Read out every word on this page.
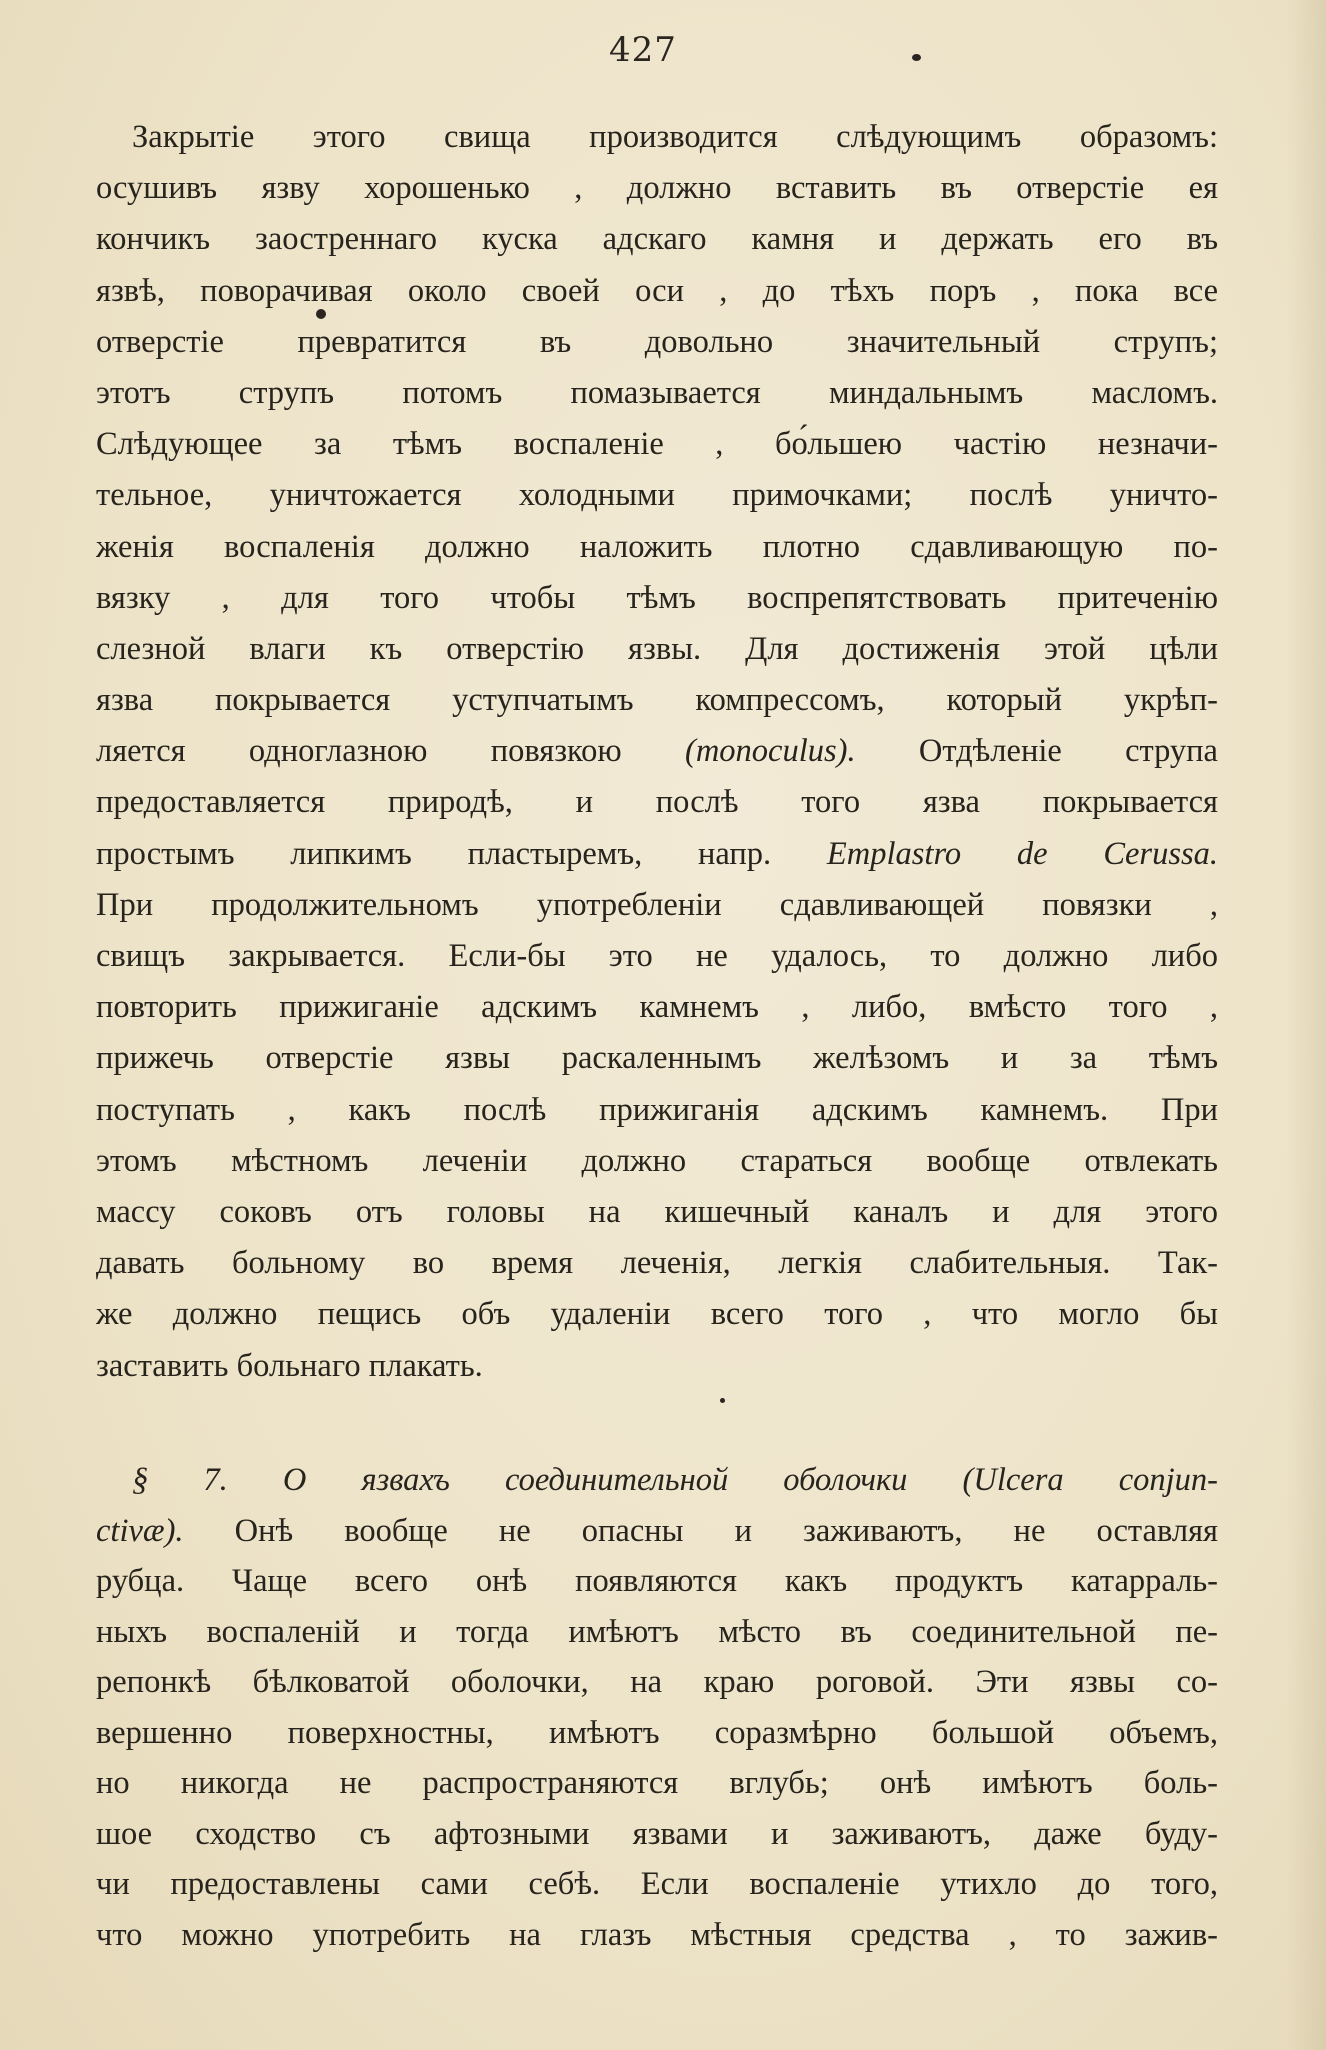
427
Закрытіе этого свища производится слѣдующимъ образомъ:
осушивъ язву хорошенько , должно вставить въ отверстіе ея
кончикъ заостреннаго куска адскаго камня и держать его въ
язвѣ, поворачивая около своей оси , до тѣхъ поръ , пока все
отверстіе превратится въ довольно значительный струпъ;
этотъ струпъ потомъ помазывается миндальнымъ масломъ.
Слѣдующее за тѣмъ воспаленіе , бо́льшею частію незначи-
тельное, уничтожается холодными примочками; послѣ уничто-
женія воспаленія должно наложить плотно сдавливающую по-
вязку , для того чтобы тѣмъ воспрепятствовать притеченію
слезной влаги къ отверстію язвы. Для достиженія этой цѣли
язва покрывается уступчатымъ компрессомъ, который укрѣп-
ляется одноглазною повязкою (monoculus). Отдѣленіе струпа
предоставляется природѣ, и послѣ того язва покрывается
простымъ липкимъ пластыремъ, напр. Emplastro de Cerussa.
При продолжительномъ употребленіи сдавливающей повязки ,
свищъ закрывается. Если-бы это не удалось, то должно либо
повторить прижиганіе адскимъ камнемъ , либо, вмѣсто того ,
прижечь отверстіе язвы раскаленнымъ желѣзомъ и за тѣмъ
поступать , какъ послѣ прижиганія адскимъ камнемъ. При
этомъ мѣстномъ леченіи должно стараться вообще отвлекать
массу соковъ отъ головы на кишечный каналъ и для этого
давать больному во время леченія, легкія слабительныя. Так-
же должно пещись объ удаленіи всего того , что могло бы
заставить больнаго плакать.
§ 7. О язвахъ соединительной оболочки (Ulcera conjun-
ctivæ). Онѣ вообще не опасны и заживаютъ, не оставляя
рубца. Чаще всего онѣ появляются какъ продуктъ катарраль-
ныхъ воспаленій и тогда имѣютъ мѣсто въ соединительной пе-
репонкѣ бѣлковатой оболочки, на краю роговой. Эти язвы со-
вершенно поверхностны, имѣютъ соразмѣрно большой объемъ,
но никогда не распространяются вглубь; онѣ имѣютъ боль-
шое сходство съ афтозными язвами и заживаютъ, даже буду-
чи предоставлены сами себѣ. Если воспаленіе утихло до того,
что можно употребить на глазъ мѣстныя средства , то зажив-
